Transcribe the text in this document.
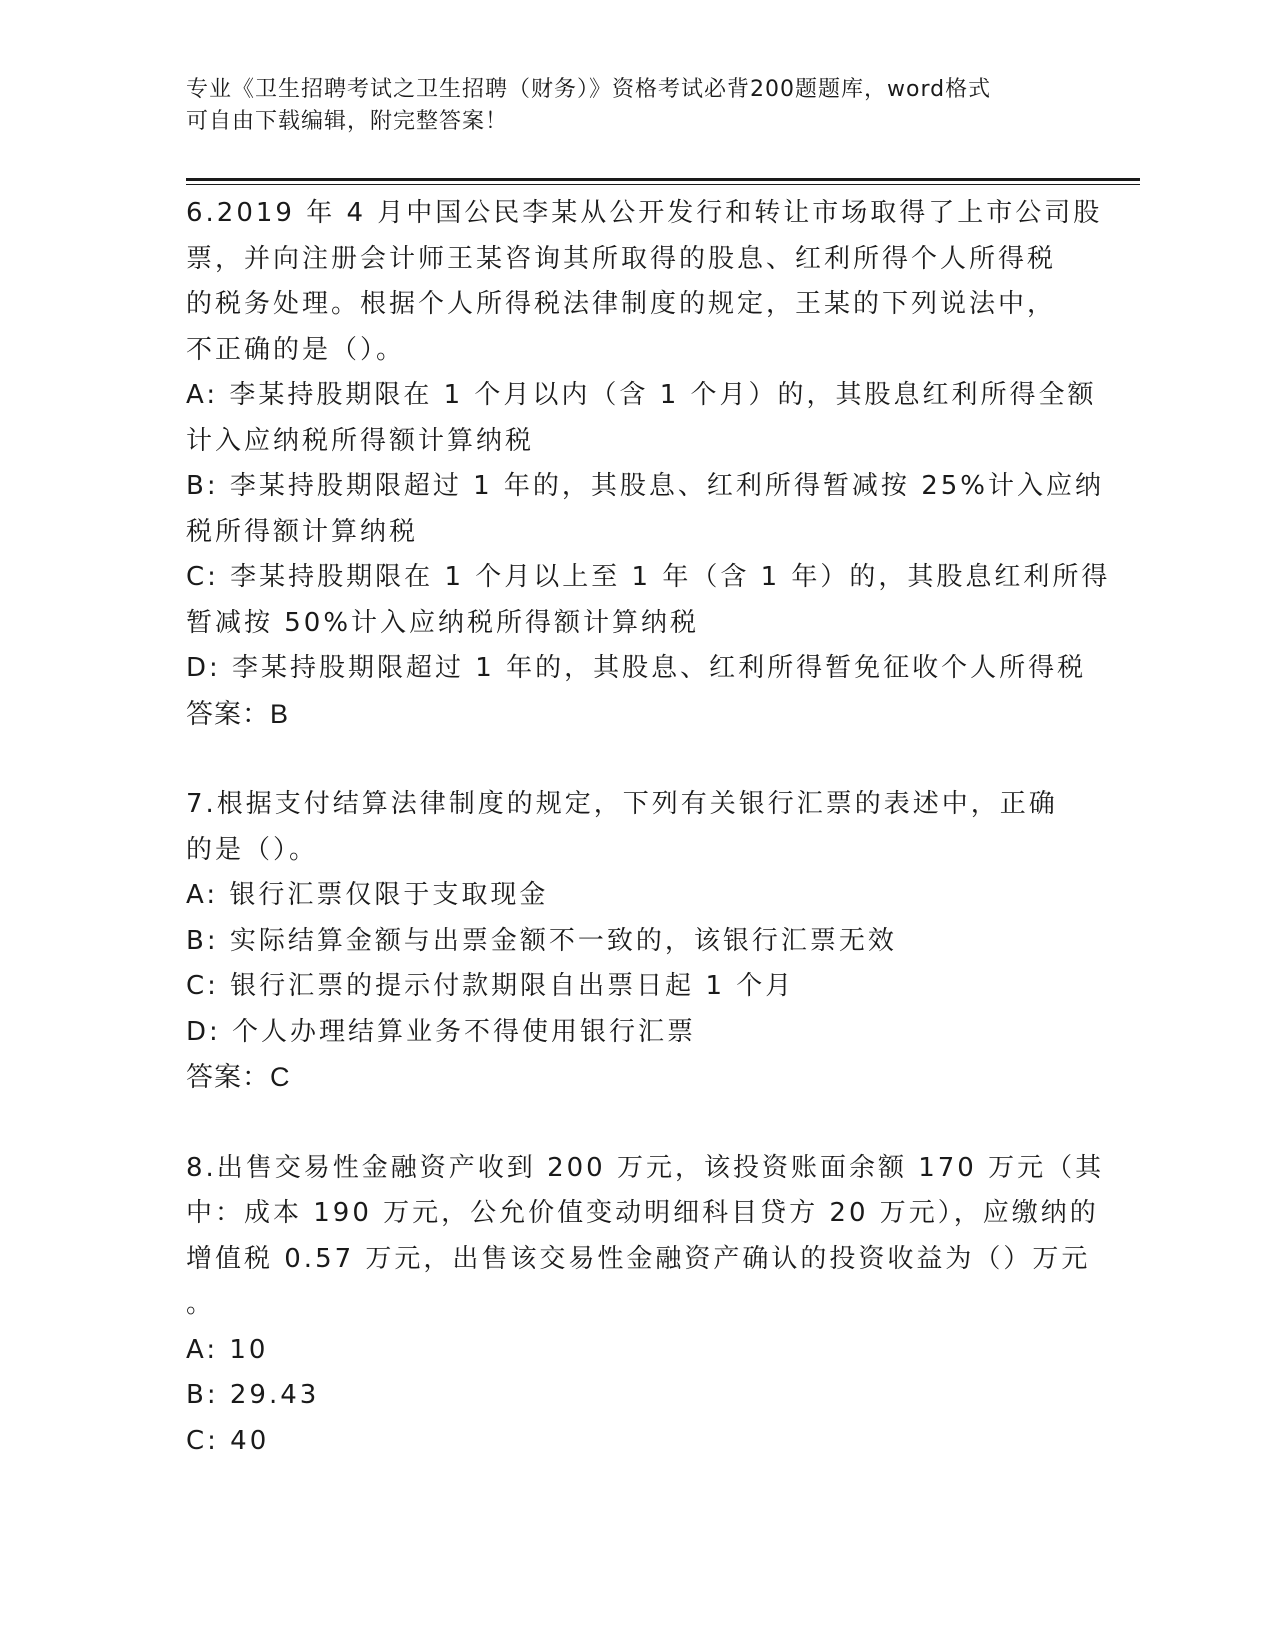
专业《卫生招聘考试之卫生招聘（财务）》资格考试必背200题题库，word格式
可自由下载编辑，附完整答案！
6.2019 年 4 月中国公民李某从公开发行和转让市场取得了上市公司股
票，并向注册会计师王某咨询其所取得的股息、红利所得个人所得税
的税务处理。根据个人所得税法律制度的规定，王某的下列说法中，
不正确的是（）。
A: 李某持股期限在 1 个月以内（含 1 个月）的，其股息红利所得全额
计入应纳税所得额计算纳税
B: 李某持股期限超过 1 年的，其股息、红利所得暂减按 25%计入应纳
税所得额计算纳税
C: 李某持股期限在 1 个月以上至 1 年（含 1 年）的，其股息红利所得
暂减按 50%计入应纳税所得额计算纳税
D: 李某持股期限超过 1 年的，其股息、红利所得暂免征收个人所得税
答案：B
7.根据支付结算法律制度的规定，下列有关银行汇票的表述中，正确
的是（）。
A: 银行汇票仅限于支取现金
B: 实际结算金额与出票金额不一致的，该银行汇票无效
C: 银行汇票的提示付款期限自出票日起 1 个月
D: 个人办理结算业务不得使用银行汇票
答案：C
8.出售交易性金融资产收到 200 万元，该投资账面余额 170 万元（其
中：成本 190 万元，公允价值变动明细科目贷方 20 万元），应缴纳的
增值税 0.57 万元，出售该交易性金融资产确认的投资收益为（）万元
。
A: 10
B: 29.43
C: 40
